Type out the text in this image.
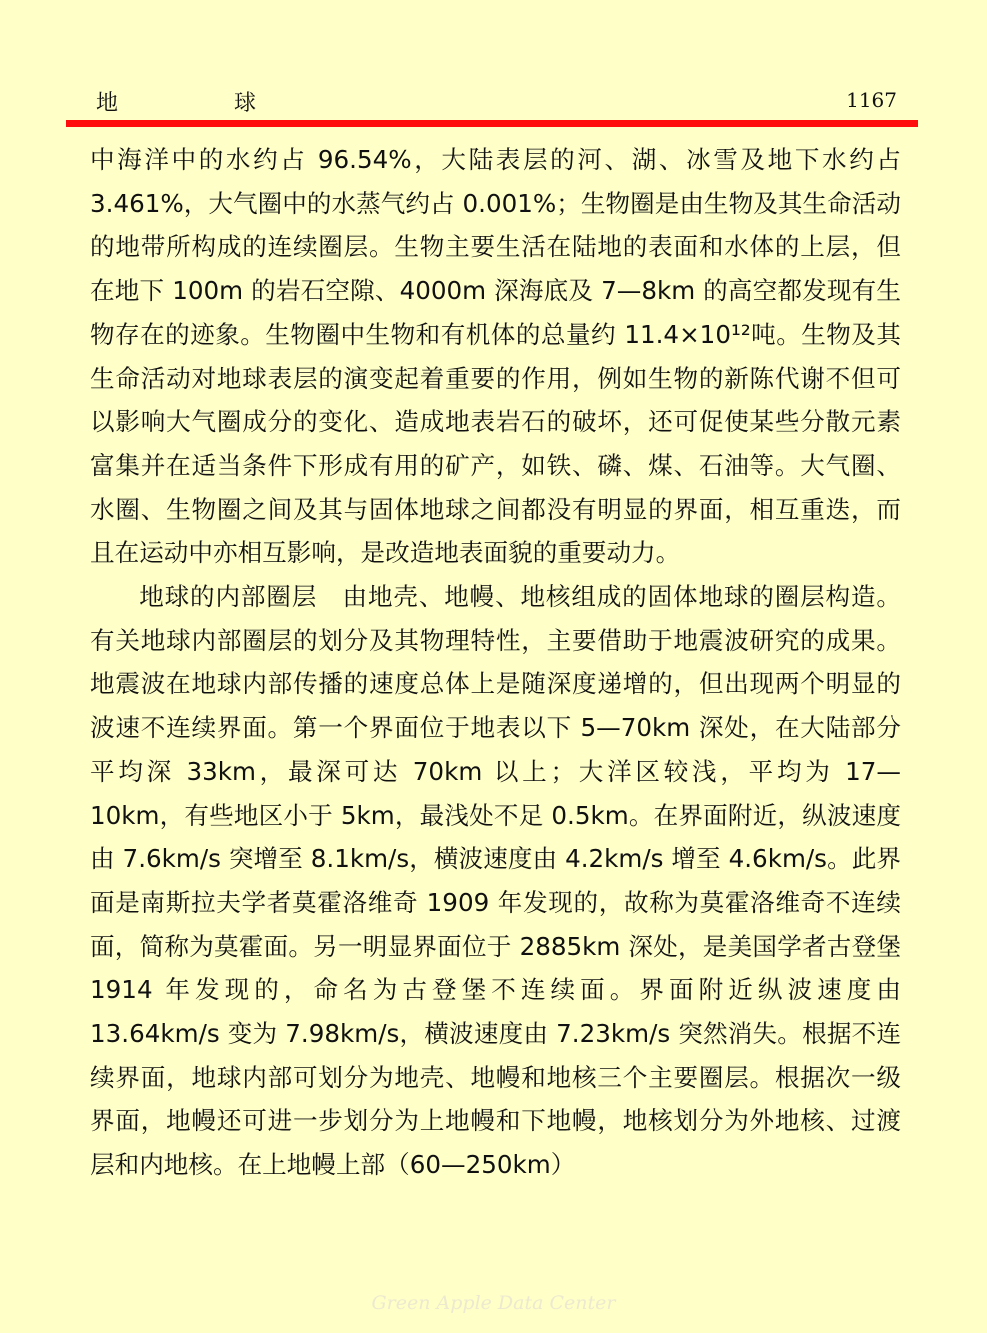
地	球	1167

中海洋中的水约占 96.54%，大陆表层的河、湖、冰雪及地下水约占 3.461%，大气圈中的水蒸气约占 0.001%；生物圈是由生物及其生命活动的地带所构成的连续圈层。生物主要生活在陆地的表面和水体的上层，但在地下 100m 的岩石空隙、4000m 深海底及 7—8km 的高空都发现有生物存在的迹象。生物圈中生物和有机体的总量约 11.4×10¹²吨。生物及其生命活动对地球表层的演变起着重要的作用，例如生物的新陈代谢不但可以影响大气圈成分的变化、造成地表岩石的破坏，还可促使某些分散元素富集并在适当条件下形成有用的矿产，如铁、磷、煤、石油等。大气圈、水圈、生物圈之间及其与固体地球之间都没有明显的界面，相互重迭，而且在运动中亦相互影响，是改造地表面貌的重要动力。

地球的内部圈层　由地壳、地幔、地核组成的固体地球的圈层构造。有关地球内部圈层的划分及其物理特性，主要借助于地震波研究的成果。地震波在地球内部传播的速度总体上是随深度递增的，但出现两个明显的波速不连续界面。第一个界面位于地表以下 5—70km 深处，在大陆部分平均深 33km，最深可达 70km 以上；大洋区较浅，平均为 17—10km，有些地区小于 5km，最浅处不足 0.5km。在界面附近，纵波速度由 7.6km/s 突增至 8.1km/s，横波速度由 4.2km/s 增至 4.6km/s。此界面是南斯拉夫学者莫霍洛维奇 1909 年发现的，故称为莫霍洛维奇不连续面，简称为莫霍面。另一明显界面位于 2885km 深处，是美国学者古登堡 1914 年发现的，命名为古登堡不连续面。界面附近纵波速度由 13.64km/s 变为 7.98km/s，横波速度由 7.23km/s 突然消失。根据不连续界面，地球内部可划分为地壳、地幔和地核三个主要圈层。根据次一级界面，地幔还可进一步划分为上地幔和下地幔，地核划分为外地核、过渡层和内地核。在上地幔上部（60—250km）

Green Apple Data Center
